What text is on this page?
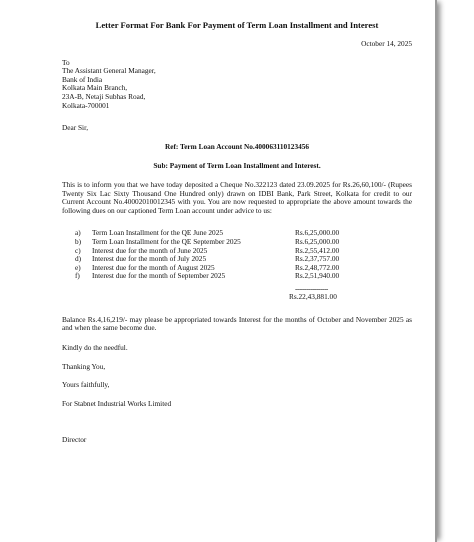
Letter Format For Bank For Payment of Term Loan Installment and Interest
October 14, 2025
To
The Assistant General Manager,
Bank of India
Kolkata Main Branch,
23A-B, Netaji Subhas Road,
Kolkata-700001
Dear Sir,
Ref: Term Loan Account No.400063110123456
Sub: Payment of Term Loan Installment and Interest.
This is to inform you that we have today deposited a Cheque No.322123 dated 23.09.2025 for Rs.26,60,100/- (Rupees Twenty Six Lac Sixty Thousand One Hundred only) drawn on IDBI Bank, Park Street, Kolkata for credit to our Current Account No.40002010012345 with you. You are now requested to appropriate the above amount towards the following dues on our captioned Term Loan account under advice to us:
a) Term Loan Installment for the QE June 2025	Rs.6,25,000.00
b) Term Loan Installment for the QE September 2025	Rs.6,25,000.00
c) Interest due for the month of June 2025	Rs.2,55,412.00
d) Interest due for the month of July 2025	Rs.2,37,757.00
e) Interest due for the month of August 2025	Rs.2,48,772.00
f) Interest due for the month of September 2025	Rs.2,51,940.00
-----------------
Rs.22,43,881.00
Balance Rs.4,16,219/- may please be appropriated towards Interest for the months of October and November 2025 as and when the same become due.
Kindly do the needful.
Thanking You,
Yours faithfully,
For Stabnet Industrial Works Limited
Director
